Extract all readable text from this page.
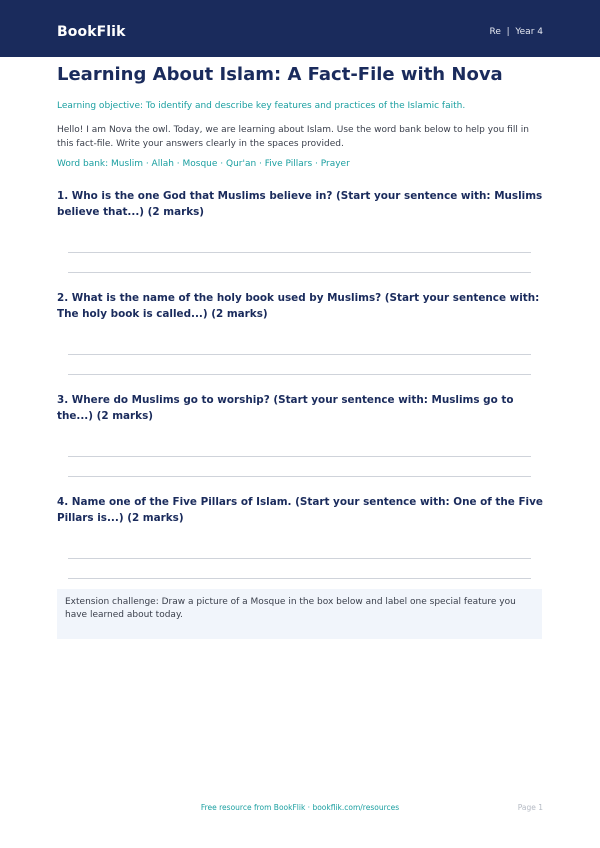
BookFlik	Re  |  Year 4
Learning About Islam: A Fact-File with Nova
Learning objective: To identify and describe key features and practices of the Islamic faith.

Hello! I am Nova the owl. Today, we are learning about Islam. Use the word bank below to help you fill in this fact-file. Write your answers clearly in the spaces provided.

Word bank: Muslim · Allah · Mosque · Qur'an · Five Pillars · Prayer

1. Who is the one God that Muslims believe in? (Start your sentence with: Muslims believe that...) (2 marks)

2. What is the name of the holy book used by Muslims? (Start your sentence with: The holy book is called...) (2 marks)

3. Where do Muslims go to worship? (Start your sentence with: Muslims go to the...) (2 marks)

4. Name one of the Five Pillars of Islam. (Start your sentence with: One of the Five Pillars is...) (2 marks)

Extension challenge: Draw a picture of a Mosque in the box below and label one special feature you have learned about today.

Free resource from BookFlik · bookflik.com/resources	Page 1
